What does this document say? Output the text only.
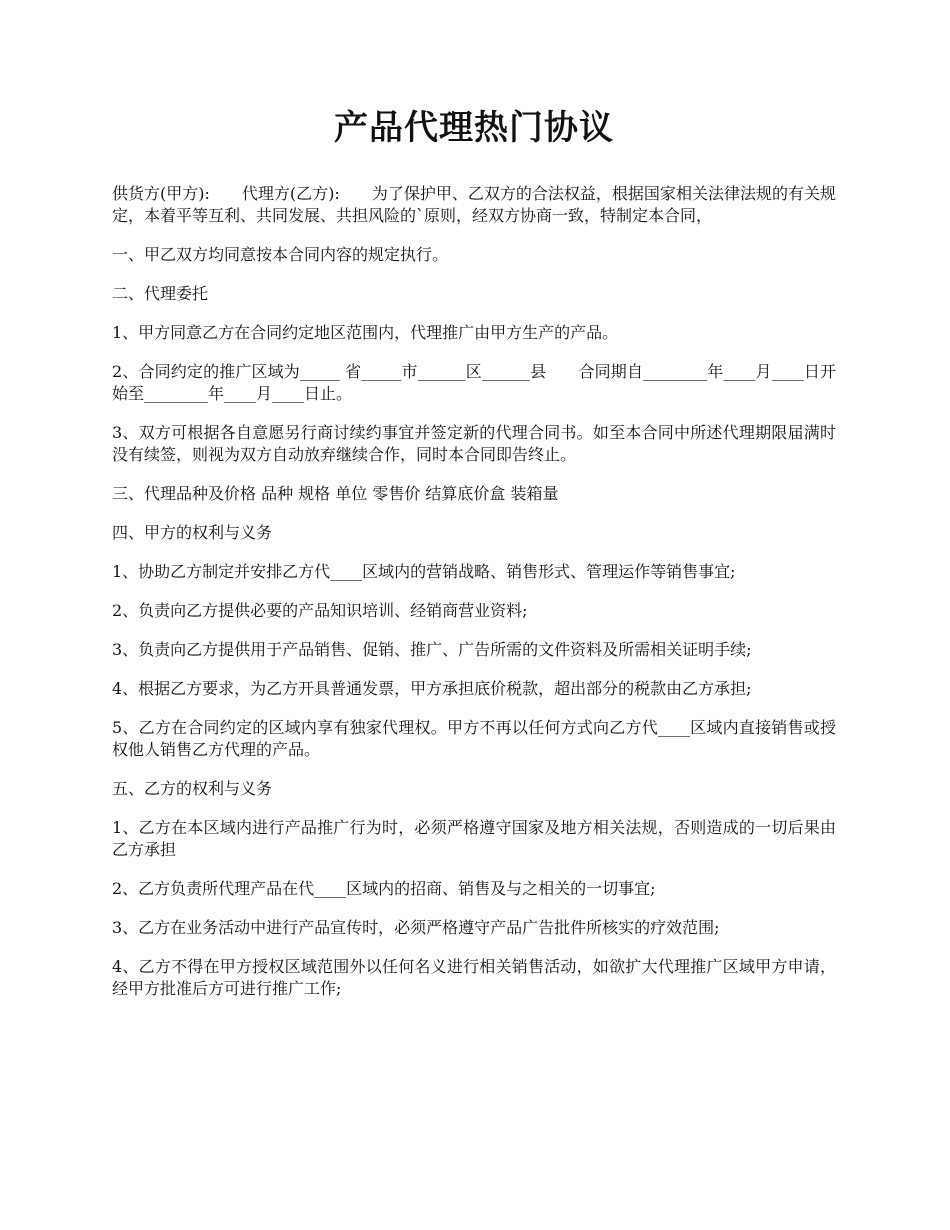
产品代理热门协议

供货方(甲方):　　代理方(乙方):　　为了保护甲、乙双方的合法权益，根据国家相关法律法规的有关规定，本着平等互利、共同发展、共担风险的`原则，经双方协商一致，特制定本合同，

一、甲乙双方均同意按本合同内容的规定执行。

二、代理委托

1、甲方同意乙方在合同约定地区范围内，代理推广由甲方生产的产品。

2、合同约定的推广区域为_____ 省_____市______区______县　　合同期自________年____月____日开始至________年____月____日止。

3、双方可根据各自意愿另行商讨续约事宜并签定新的代理合同书。如至本合同中所述代理期限届满时没有续签，则视为双方自动放弃继续合作，同时本合同即告终止。

三、代理品种及价格 品种 规格 单位 零售价 结算底价盒 装箱量

四、甲方的权利与义务

1、协助乙方制定并安排乙方代____区域内的营销战略、销售形式、管理运作等销售事宜;

2、负责向乙方提供必要的产品知识培训、经销商营业资料;

3、负责向乙方提供用于产品销售、促销、推广、广告所需的文件资料及所需相关证明手续;

4、根据乙方要求，为乙方开具普通发票，甲方承担底价税款，超出部分的税款由乙方承担;

5、乙方在合同约定的区域内享有独家代理权。甲方不再以任何方式向乙方代____区域内直接销售或授权他人销售乙方代理的产品。

五、乙方的权利与义务

1、乙方在本区域内进行产品推广行为时，必须严格遵守国家及地方相关法规，否则造成的一切后果由乙方承担

2、乙方负责所代理产品在代____区域内的招商、销售及与之相关的一切事宜;

3、乙方在业务活动中进行产品宣传时，必须严格遵守产品广告批件所核实的疗效范围;

4、乙方不得在甲方授权区域范围外以任何名义进行相关销售活动，如欲扩大代理推广区域甲方申请，经甲方批准后方可进行推广工作;
